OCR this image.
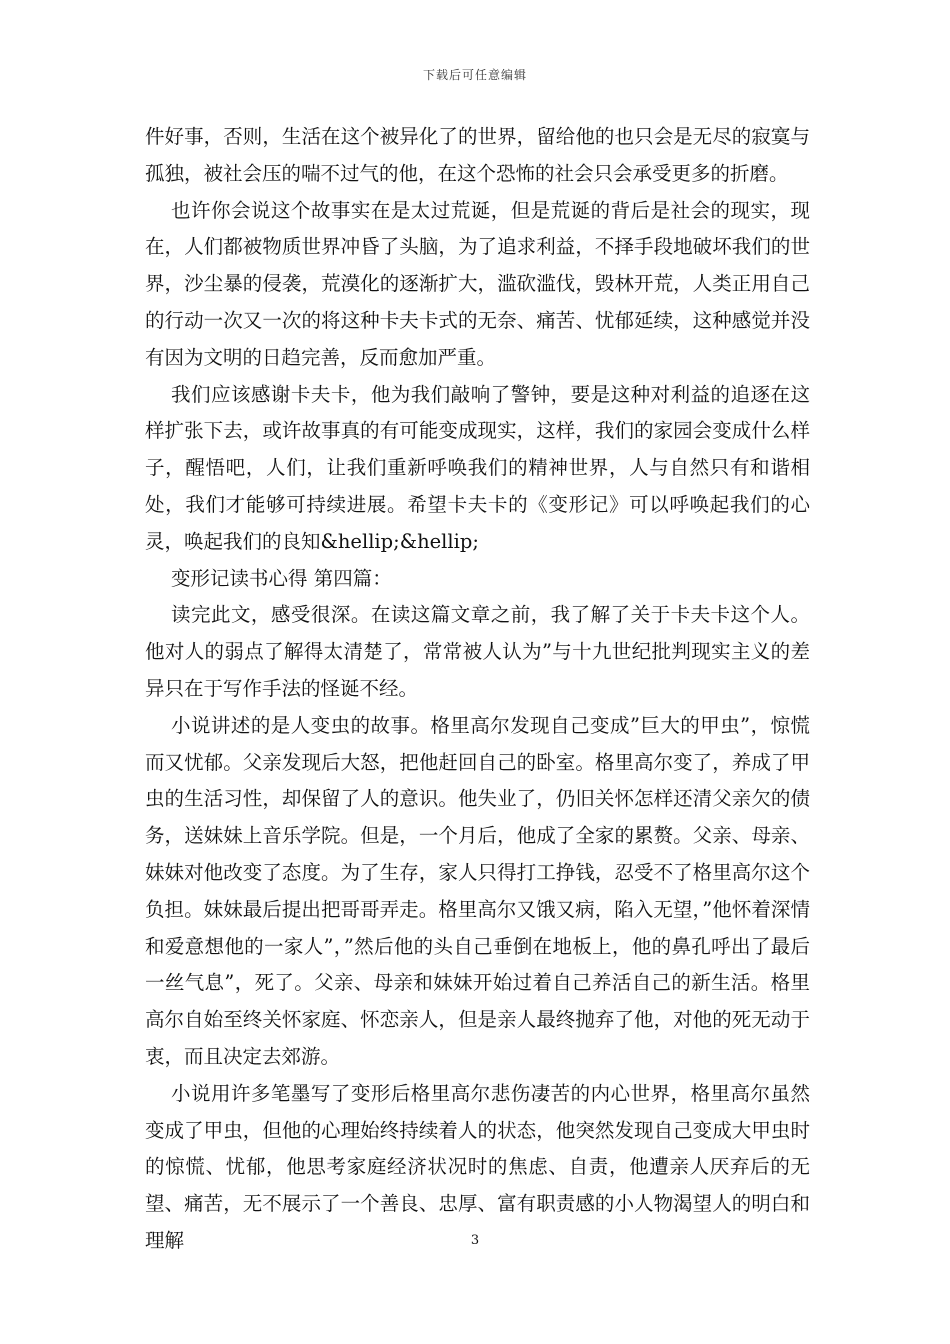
下载后可任意编辑

件好事，否则，生活在这个被异化了的世界，留给他的也只会是无尽的寂寞与孤独，被社会压的喘不过气的他，在这个恐怖的社会只会承受更多的折磨。

也许你会说这个故事实在是太过荒诞，但是荒诞的背后是社会的现实，现在，人们都被物质世界冲昏了头脑，为了追求利益，不择手段地破坏我们的世界，沙尘暴的侵袭，荒漠化的逐渐扩大，滥砍滥伐，毁林开荒，人类正用自己的行动一次又一次的将这种卡夫卡式的无奈、痛苦、忧郁延续，这种感觉并没有因为文明的日趋完善，反而愈加严重。

我们应该感谢卡夫卡，他为我们敲响了警钟，要是这种对利益的追逐在这样扩张下去，或许故事真的有可能变成现实，这样，我们的家园会变成什么样子，醒悟吧，人们，让我们重新呼唤我们的精神世界，人与自然只有和谐相处，我们才能够可持续进展。希望卡夫卡的《变形记》可以呼唤起我们的心灵，唤起我们的良知&hellip;&hellip;

变形记读书心得 第四篇：

读完此文，感受很深。在读这篇文章之前，我了解了关于卡夫卡这个人。他对人的弱点了解得太清楚了，常常被人认为”与十九世纪批判现实主义的差异只在于写作手法的怪诞不经。

小说讲述的是人变虫的故事。格里高尔发现自己变成”巨大的甲虫”，惊慌而又忧郁。父亲发现后大怒，把他赶回自己的卧室。格里高尔变了，养成了甲虫的生活习性，却保留了人的意识。他失业了，仍旧关怀怎样还清父亲欠的债务，送妹妹上音乐学院。但是，一个月后，他成了全家的累赘。父亲、母亲、妹妹对他改变了态度。为了生存，家人只得打工挣钱，忍受不了格里高尔这个负担。妹妹最后提出把哥哥弄走。格里高尔又饿又病，陷入无望，”他怀着深情和爱意想他的一家人”，”然后他的头自己垂倒在地板上，他的鼻孔呼出了最后一丝气息”，死了。父亲、母亲和妹妹开始过着自己养活自己的新生活。格里高尔自始至终关怀家庭、怀恋亲人，但是亲人最终抛弃了他，对他的死无动于衷，而且决定去郊游。

小说用许多笔墨写了变形后格里高尔悲伤凄苦的内心世界，格里高尔虽然变成了甲虫，但他的心理始终持续着人的状态，他突然发现自己变成大甲虫时的惊慌、忧郁，他思考家庭经济状况时的焦虑、自责，他遭亲人厌弃后的无望、痛苦，无不展示了一个善良、忠厚、富有职责感的小人物渴望人的明白和理解	3
